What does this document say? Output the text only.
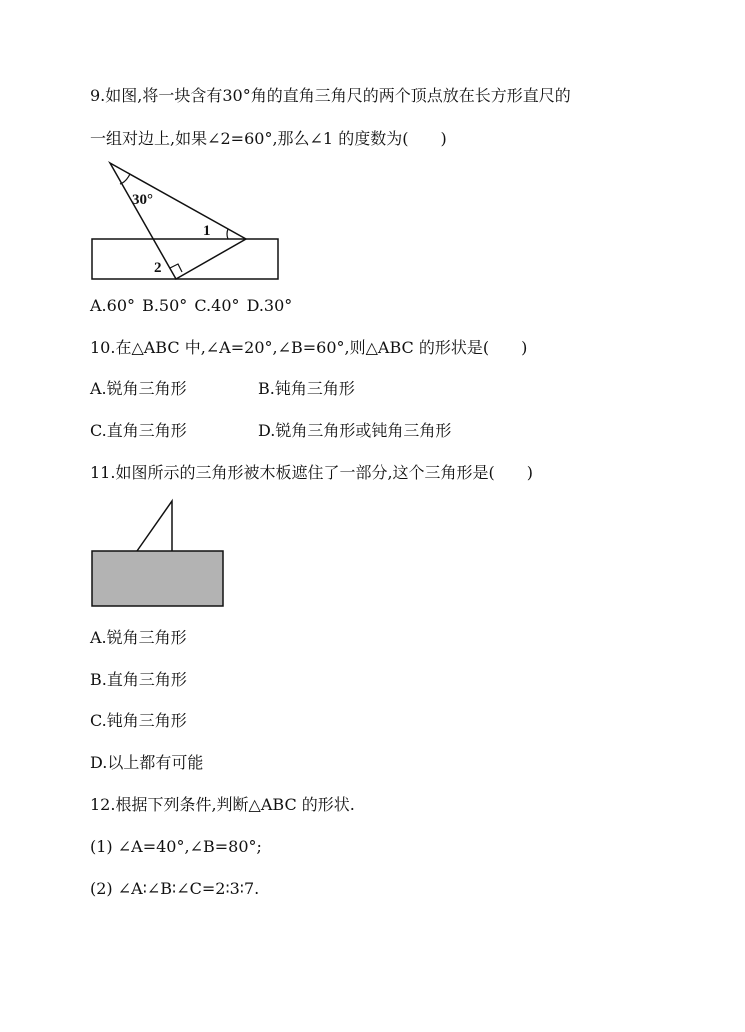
9.如图,将一块含有30°角的直角三角尺的两个顶点放在长方形直尺的
一组对边上,如果∠2=60°,那么∠1 的度数为(　　)
30°
1
2
A.60° B.50° C.40° D.30°
10.在△ABC 中,∠A=20°,∠B=60°,则△ABC 的形状是(　　)
A.锐角三角形	B.钝角三角形
C.直角三角形	D.锐角三角形或钝角三角形
11.如图所示的三角形被木板遮住了一部分,这个三角形是(　　)
A.锐角三角形
B.直角三角形
C.钝角三角形
D.以上都有可能
12.根据下列条件,判断△ABC 的形状.
(1) ∠A=40°,∠B=80°;
(2) ∠A∶∠B∶∠C=2∶3∶7.
